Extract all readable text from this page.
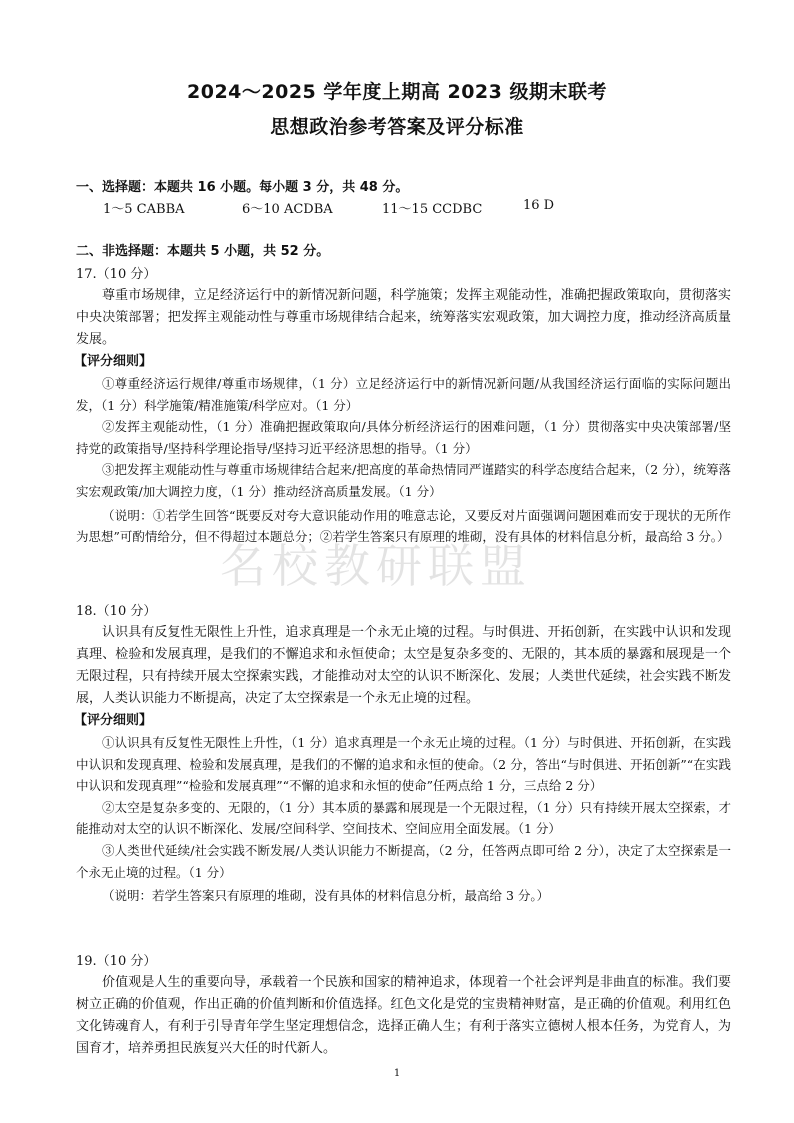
2024～2025 学年度上期高 2023 级期末联考
思想政治参考答案及评分标准
一、选择题：本题共 16 小题。每小题 3 分，共 48 分。
1～5 CABBA	6～10 ACDBA	11～15 CCDBC	16 D
二、非选择题：本题共 5 小题，共 52 分。
17.（10 分）

尊重市场规律，立足经济运行中的新情况新问题，科学施策；发挥主观能动性，准确把握政策取向，贯彻落实中央决策部署；把发挥主观能动性与尊重市场规律结合起来，统筹落实宏观政策，加大调控力度，推动经济高质量发展。

【评分细则】

①尊重经济运行规律/尊重市场规律，（1 分）立足经济运行中的新情况新问题/从我国经济运行面临的实际问题出发，（1 分）科学施策/精准施策/科学应对。（1 分）

②发挥主观能动性，（1 分）准确把握政策取向/具体分析经济运行的困难问题，（1 分）贯彻落实中央决策部署/坚持党的政策指导/坚持科学理论指导/坚持习近平经济思想的指导。（1 分）

③把发挥主观能动性与尊重市场规律结合起来/把高度的革命热情同严谨踏实的科学态度结合起来，（2 分），统筹落实宏观政策/加大调控力度，（1 分）推动经济高质量发展。（1 分）

（说明：①若学生回答“既要反对夸大意识能动作用的唯意志论，又要反对片面强调问题困难而安于现状的无所作为思想”可酌情给分，但不得超过本题总分；②若学生答案只有原理的堆砌，没有具体的材料信息分析，最高给 3 分。）

名校教研联盟
18.（10 分）

认识具有反复性无限性上升性，追求真理是一个永无止境的过程。与时俱进、开拓创新，在实践中认识和发现真理、检验和发展真理，是我们的不懈追求和永恒使命；太空是复杂多变的、无限的，其本质的暴露和展现是一个无限过程，只有持续开展太空探索实践，才能推动对太空的认识不断深化、发展；人类世代延续，社会实践不断发展，人类认识能力不断提高，决定了太空探索是一个永无止境的过程。

【评分细则】

①认识具有反复性无限性上升性，（1 分）追求真理是一个永无止境的过程。（1 分）与时俱进、开拓创新，在实践中认识和发现真理、检验和发展真理，是我们的不懈的追求和永恒的使命。（2 分，答出“与时俱进、开拓创新”“在实践中认识和发现真理”“检验和发展真理”“不懈的追求和永恒的使命”任两点给 1 分，三点给 2 分）

②太空是复杂多变的、无限的，（1 分）其本质的暴露和展现是一个无限过程，（1 分）只有持续开展太空探索，才能推动对太空的认识不断深化、发展/空间科学、空间技术、空间应用全面发展。（1 分）

③人类世代延续/社会实践不断发展/人类认识能力不断提高，（2 分，任答两点即可给 2 分），决定了太空探索是一个永无止境的过程。（1 分）

（说明：若学生答案只有原理的堆砌，没有具体的材料信息分析，最高给 3 分。）

19.（10 分）

价值观是人生的重要向导，承载着一个民族和国家的精神追求，体现着一个社会评判是非曲直的标准。我们要树立正确的价值观，作出正确的价值判断和价值选择。红色文化是党的宝贵精神财富，是正确的价值观。利用红色文化铸魂育人，有利于引导青年学生坚定理想信念，选择正确人生；有利于落实立德树人根本任务，为党育人，为国育才，培养勇担民族复兴大任的时代新人。

1
